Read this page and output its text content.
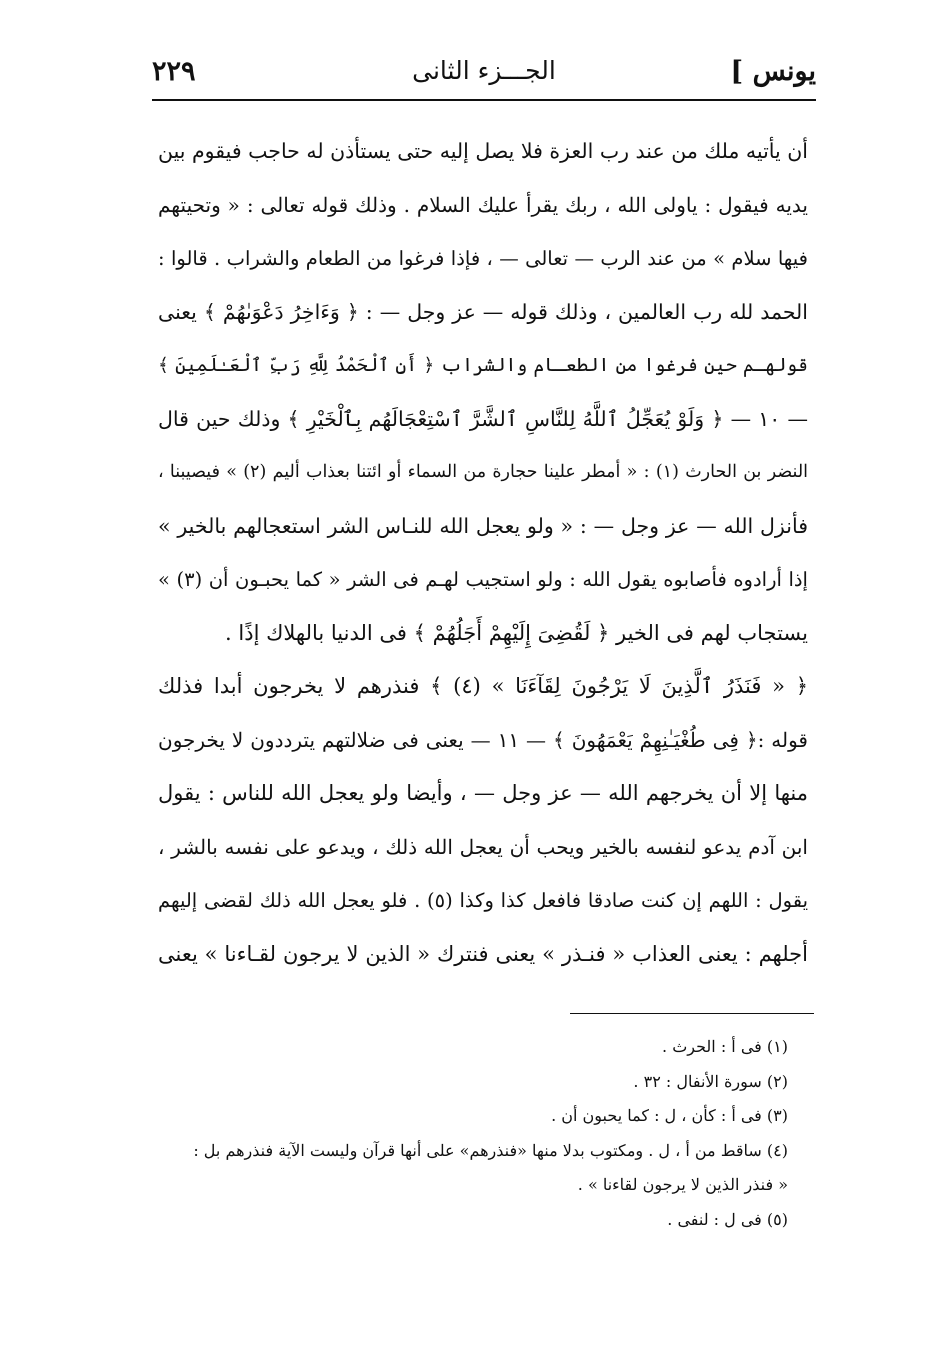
يونس ]
الجـــزء الثانى
٢٢٩
أن يأتيه ملك من عند رب العزة فلا يصل إليه حتى يستأذن له حاجب فيقوم بين
يديه فيقول : ياولى الله ، ربك يقرأ عليك السلام . وذلك قوله تعالى : « وتحيتهم
فيها سلام » من عند الرب — تعالى — ، فإذا فرغوا من الطعام والشراب . قالوا :
الحمد لله رب العالمين ، وذلك قوله — عز وجل — : ﴿ وَءَاخِرُ دَعْوَىٰهُمْ ﴾ يعنى
قولهـم حين فرغوا من الطعـام والشراب ﴿ أَنِ ٱلْحَمْدُ لِلَّهِ رَبِّ ٱلْعَـٰلَمِينَ ﴾
— ١٠ — ﴿ وَلَوْ يُعَجِّلُ ٱللَّهُ لِلنَّاسِ ٱلشَّرَّ ٱسْتِعْجَالَهُم بِٱلْخَيْرِ ﴾ وذلك حين قال
النضر بن الحارث (١) : « أمطر علينا حجارة من السماء أو ائتنا بعذاب أليم (٢) » فيصيبنا ،
فأنزل الله — عز وجل — : « ولو يعجل الله للنـاس الشر استعجالهم بالخير »
إذا أرادوه فأصابوه يقول الله : ولو استجيب لهـم فى الشر « كما يحبـون أن (٣) »
يستجاب لهم فى الخير ﴿ لَقُضِىَ إِلَيْهِمْ أَجَلُهُمْ ﴾ فى الدنيا بالهلاك إذًا .
﴿ « فَنَذَرُ ٱلَّذِينَ لَا يَرْجُونَ لِقَآءَنَا » (٤) ﴾ فنذرهم لا يخرجون أبدا فذلك
قوله :﴿ فِى طُغْيَـٰنِهِمْ يَعْمَهُونَ ﴾ — ١١ — يعنى فى ضلالتهم يترددون لا يخرجون
منها إلا أن يخرجهم الله — عز وجل — ، وأيضا ولو يعجل الله للناس : يقول
ابن آدم يدعو لنفسه بالخير ويحب أن يعجل الله ذلك ، ويدعو على نفسه بالشر ،
يقول : اللهم إن كنت صادقا فافعل كذا وكذا (٥) . فلو يعجل الله ذلك لقضى إليهم
أجلهم : يعنى العذاب « فنـذر » يعنى فنترك « الذين لا يرجون لقـاءنا » يعنى
(١) فى أ : الحرث .
(٢) سورة الأنفال : ٣٢ .
(٣) فى أ : كأن ، ل : كما يحبون أن .
(٤) ساقط من أ ، ل . ومكتوب بدلا منها «فنذرهم» على أنها قرآن وليست الآية فنذرهم بل :
« فنذر الذين لا يرجون لقاءنا » .
(٥) فى ل : لنفى .
